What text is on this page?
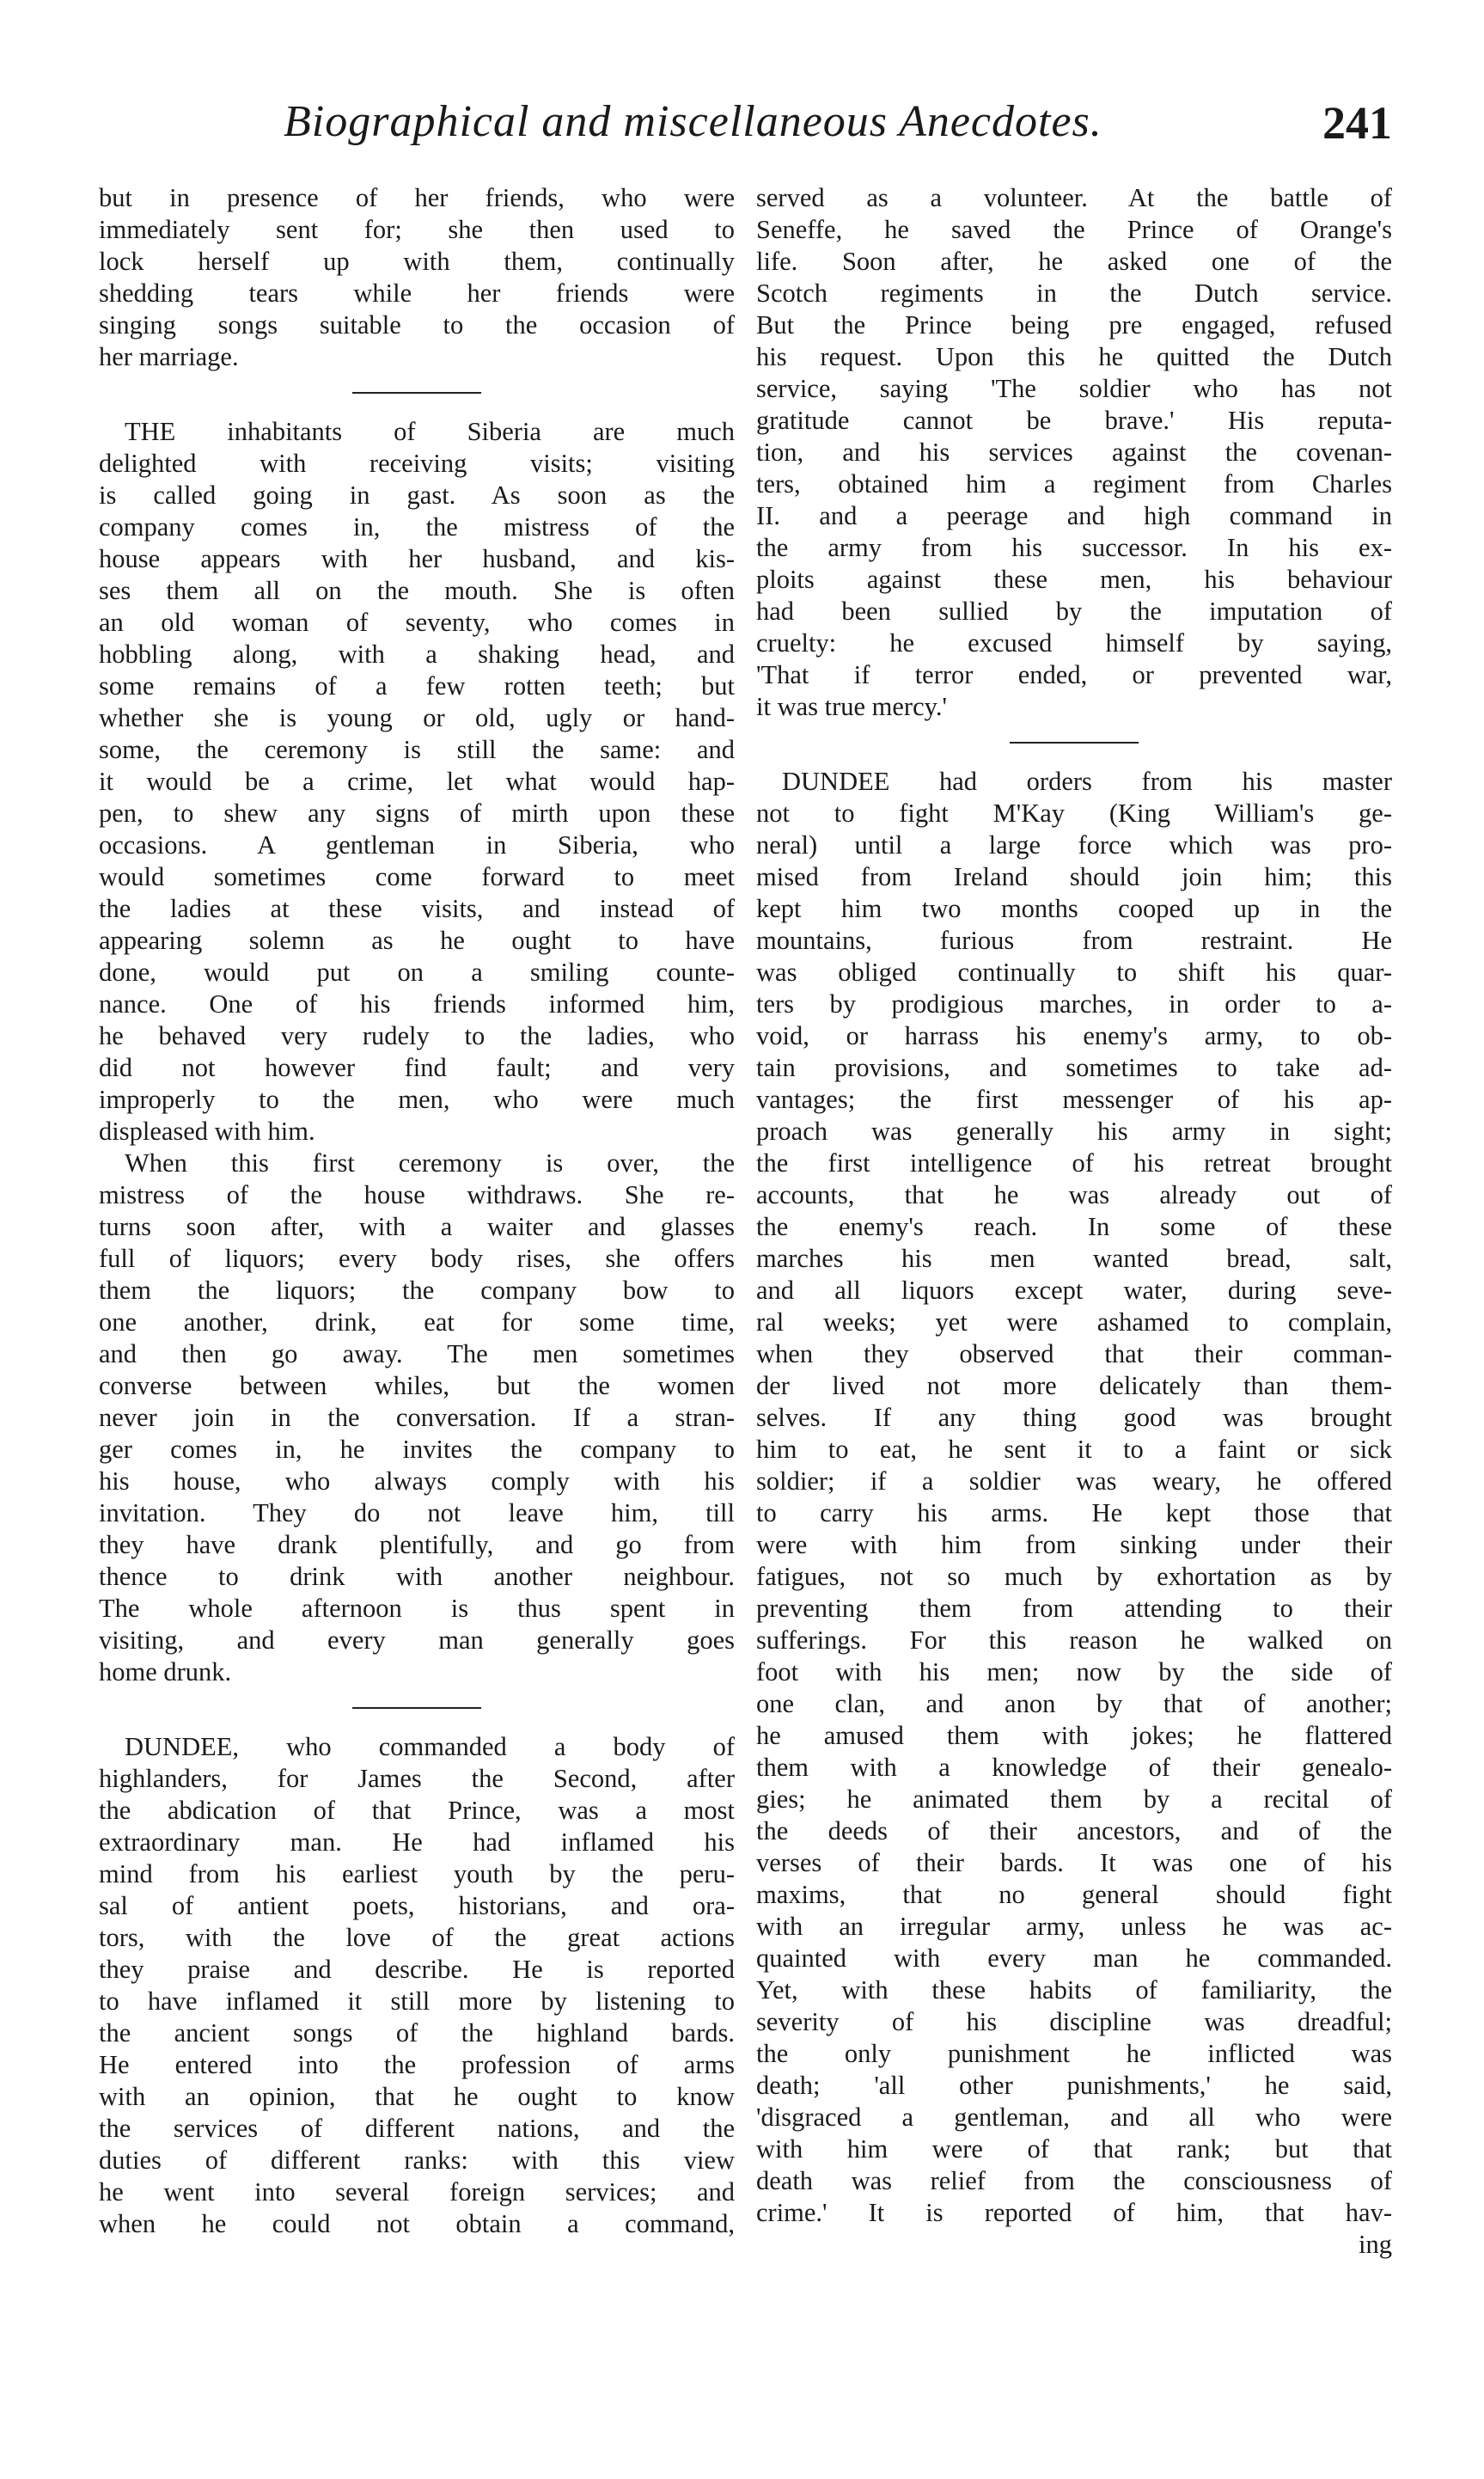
Biographical and miscellaneous Anecdotes.	241
but in presence of her friends, who were
immediately sent for; she then used to
lock herself up with them, continually
shedding tears while her friends were
singing songs suitable to the occasion of
her marriage.
THE inhabitants of Siberia are much
delighted with receiving visits; visiting
is called going in gast. As soon as the
company comes in, the mistress of the
house appears with her husband, and kis-
ses them all on the mouth. She is often
an old woman of seventy, who comes in
hobbling along, with a shaking head, and
some remains of a few rotten teeth; but
whether she is young or old, ugly or hand-
some, the ceremony is still the same: and
it would be a crime, let what would hap-
pen, to shew any signs of mirth upon these
occasions. A gentleman in Siberia, who
would sometimes come forward to meet
the ladies at these visits, and instead of
appearing solemn as he ought to have
done, would put on a smiling counte-
nance. One of his friends informed him,
he behaved very rudely to the ladies, who
did not however find fault; and very
improperly to the men, who were much
displeased with him.
When this first ceremony is over, the
mistress of the house withdraws. She re-
turns soon after, with a waiter and glasses
full of liquors; every body rises, she offers
them the liquors; the company bow to
one another, drink, eat for some time,
and then go away. The men sometimes
converse between whiles, but the women
never join in the conversation. If a stran-
ger comes in, he invites the company to
his house, who always comply with his
invitation. They do not leave him, till
they have drank plentifully, and go from
thence to drink with another neighbour.
The whole afternoon is thus spent in
visiting, and every man generally goes
home drunk.
DUNDEE, who commanded a body of
highlanders, for James the Second, after
the abdication of that Prince, was a most
extraordinary man. He had inflamed his
mind from his earliest youth by the peru-
sal of antient poets, historians, and ora-
tors, with the love of the great actions
they praise and describe. He is reported
to have inflamed it still more by listening to
the ancient songs of the highland bards.
He entered into the profession of arms
with an opinion, that he ought to know
the services of different nations, and the
duties of different ranks: with this view
he went into several foreign services; and
when he could not obtain a command,
served as a volunteer. At the battle of
Seneffe, he saved the Prince of Orange's
life. Soon after, he asked one of the
Scotch regiments in the Dutch service.
But the Prince being pre engaged, refused
his request. Upon this he quitted the Dutch
service, saying 'The soldier who has not
gratitude cannot be brave.' His reputa-
tion, and his services against the covenan-
ters, obtained him a regiment from Charles
II. and a peerage and high command in
the army from his successor. In his ex-
ploits against these men, his behaviour
had been sullied by the imputation of
cruelty: he excused himself by saying,
'That if terror ended, or prevented war,
it was true mercy.'
DUNDEE had orders from his master
not to fight M'Kay (King William's ge-
neral) until a large force which was pro-
mised from Ireland should join him; this
kept him two months cooped up in the
mountains, furious from restraint. He
was obliged continually to shift his quar-
ters by prodigious marches, in order to a-
void, or harrass his enemy's army, to ob-
tain provisions, and sometimes to take ad-
vantages; the first messenger of his ap-
proach was generally his army in sight;
the first intelligence of his retreat brought
accounts, that he was already out of
the enemy's reach. In some of these
marches his men wanted bread, salt,
and all liquors except water, during seve-
ral weeks; yet were ashamed to complain,
when they observed that their comman-
der lived not more delicately than them-
selves. If any thing good was brought
him to eat, he sent it to a faint or sick
soldier; if a soldier was weary, he offered
to carry his arms. He kept those that
were with him from sinking under their
fatigues, not so much by exhortation as by
preventing them from attending to their
sufferings. For this reason he walked on
foot with his men; now by the side of
one clan, and anon by that of another;
he amused them with jokes; he flattered
them with a knowledge of their genealo-
gies; he animated them by a recital of
the deeds of their ancestors, and of the
verses of their bards. It was one of his
maxims, that no general should fight
with an irregular army, unless he was ac-
quainted with every man he commanded.
Yet, with these habits of familiarity, the
severity of his discipline was dreadful;
the only punishment he inflicted was
death; 'all other punishments,' he said,
'disgraced a gentleman, and all who were
with him were of that rank; but that
death was relief from the consciousness of
crime.' It is reported of him, that hav-
ing
